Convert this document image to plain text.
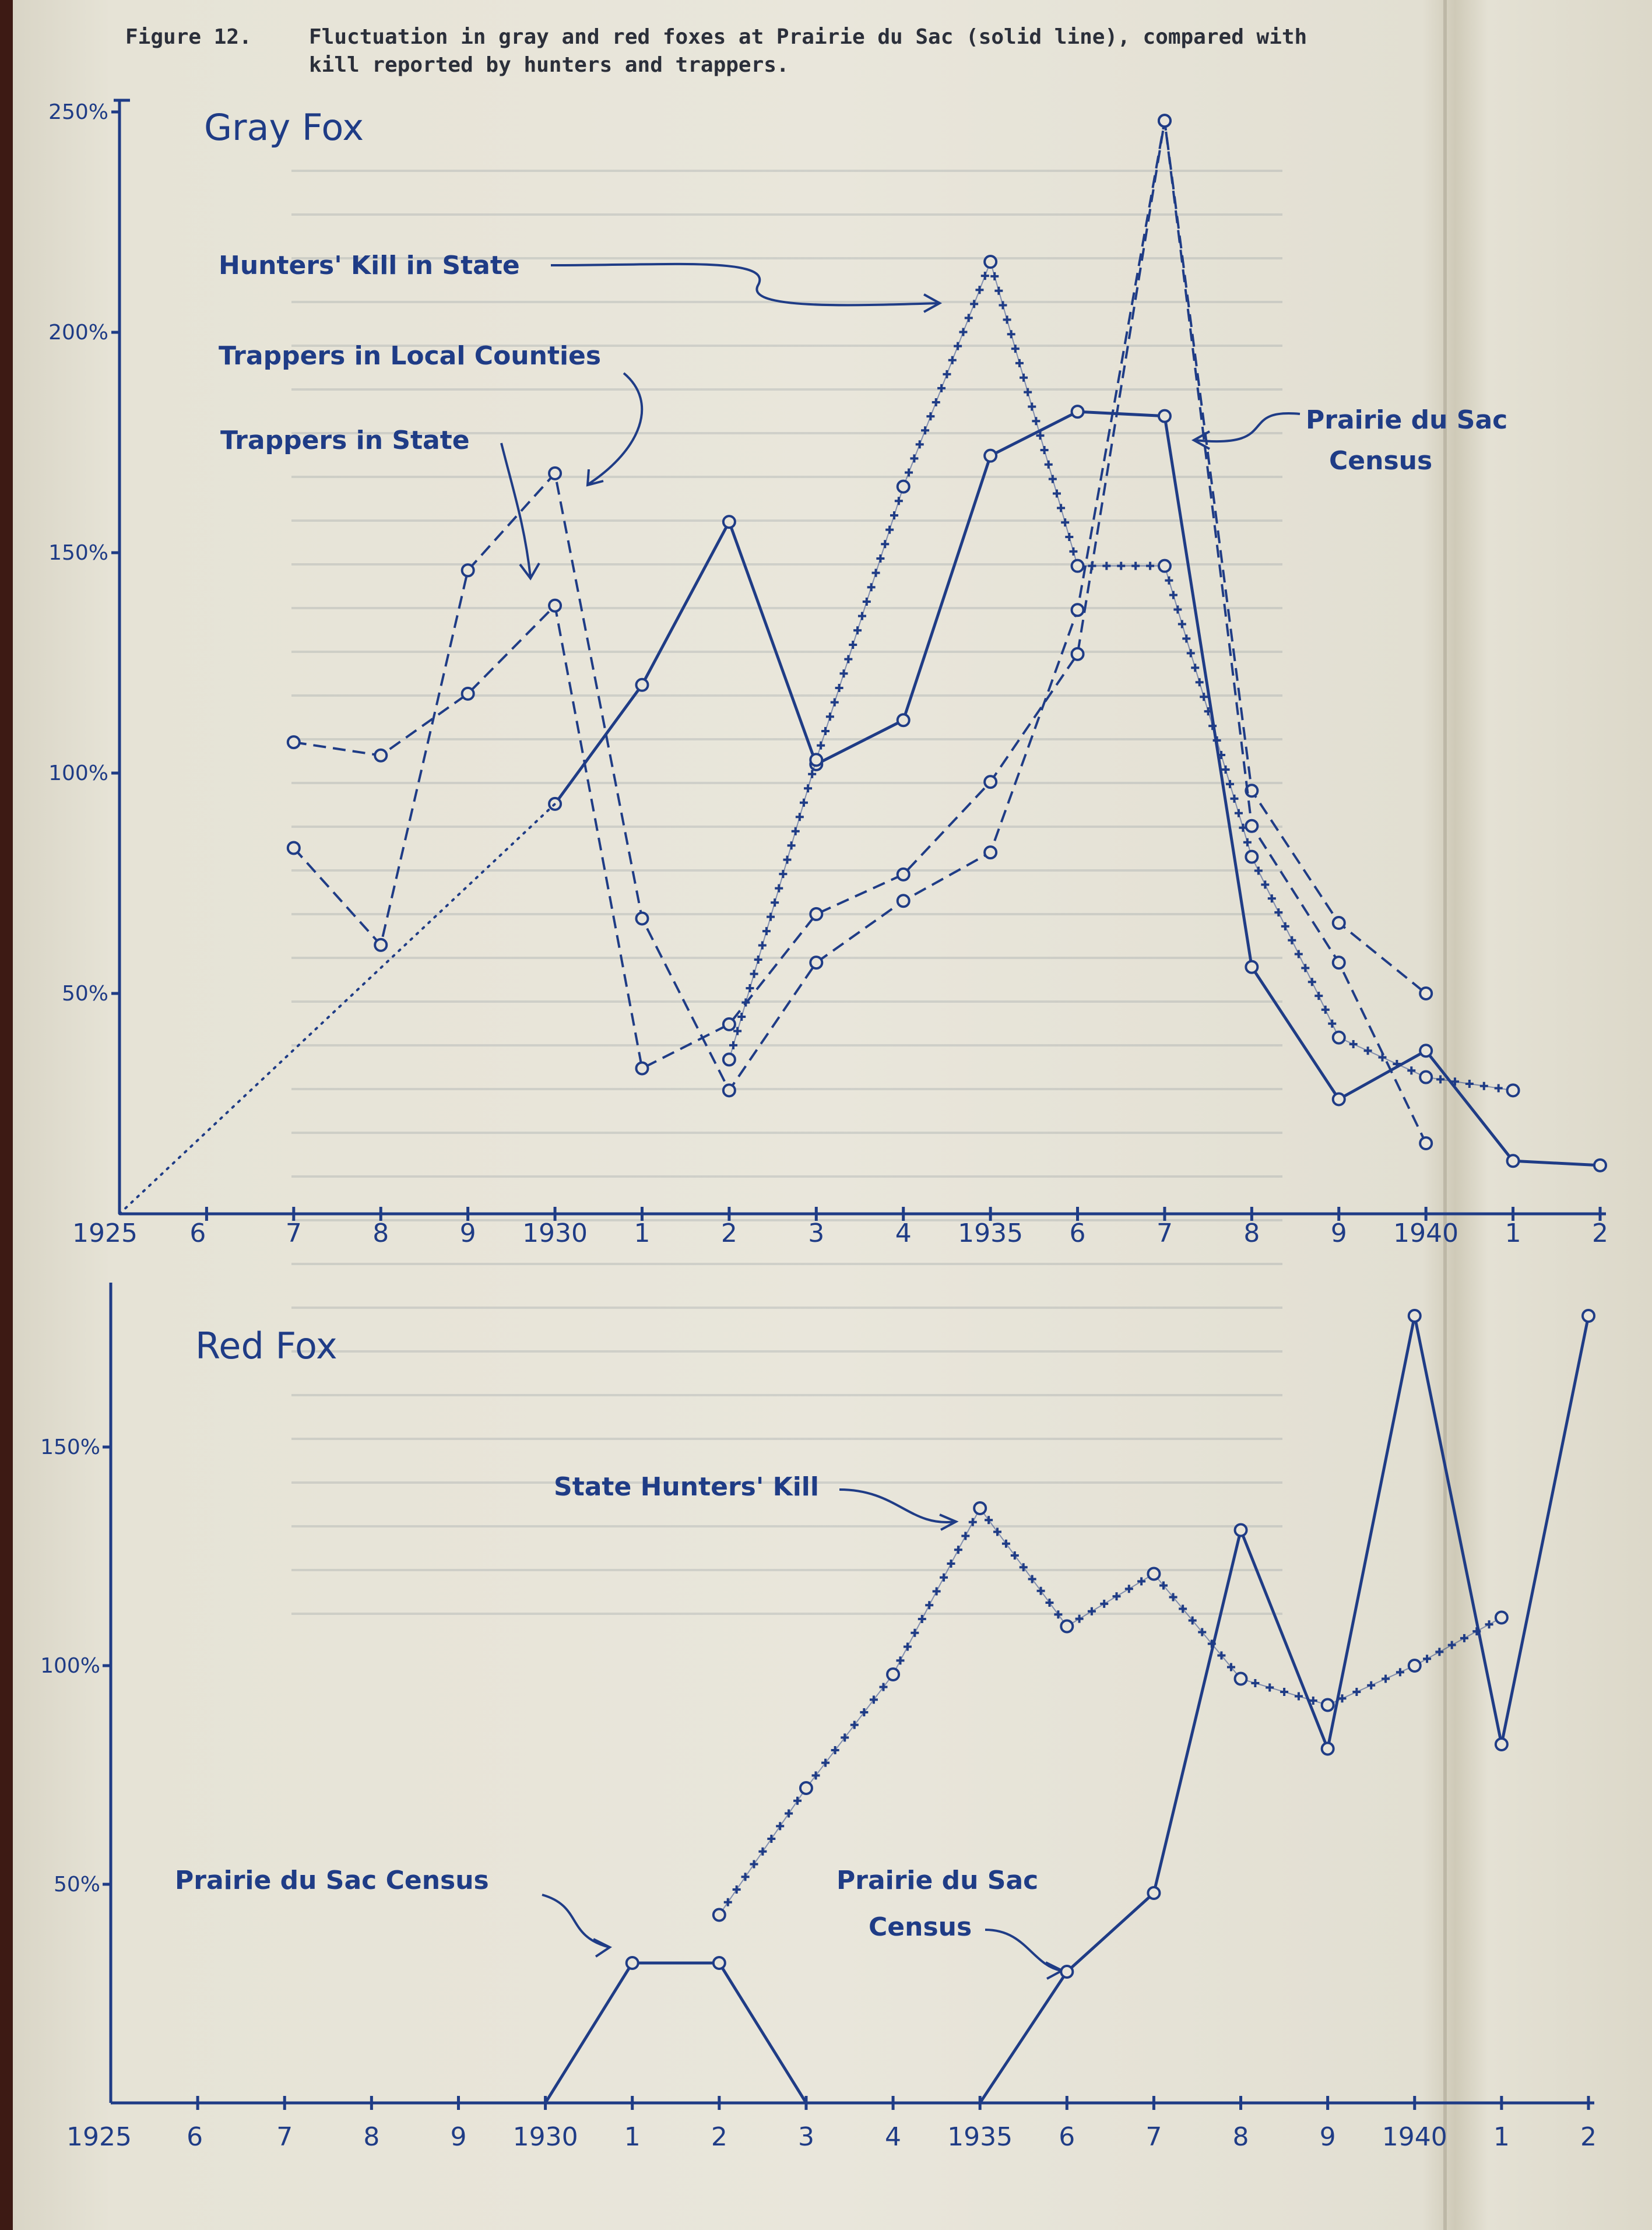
Figure 12.	Fluctuation in gray and red foxes at Prairie du Sac (solid line), compared with
kill reported by hunters and trappers.
Gray Fox
Hunters' Kill in State
Trappers in Local Counties
Trappers in State
Prairie du Sac
Census
50%
100%
150%
200%
250%
1925 6	7	8	9 1930 1	2	3	4 1935 6	7	8	9 1940 1	2
Red Fox
State Hunters' Kill
Prairie du Sac Census	Prairie du Sac
Census
50%
100%
150%
1925 6	7	8	9 1930 1	2	3	4 1935 6	7	8	9 1940 1	2
